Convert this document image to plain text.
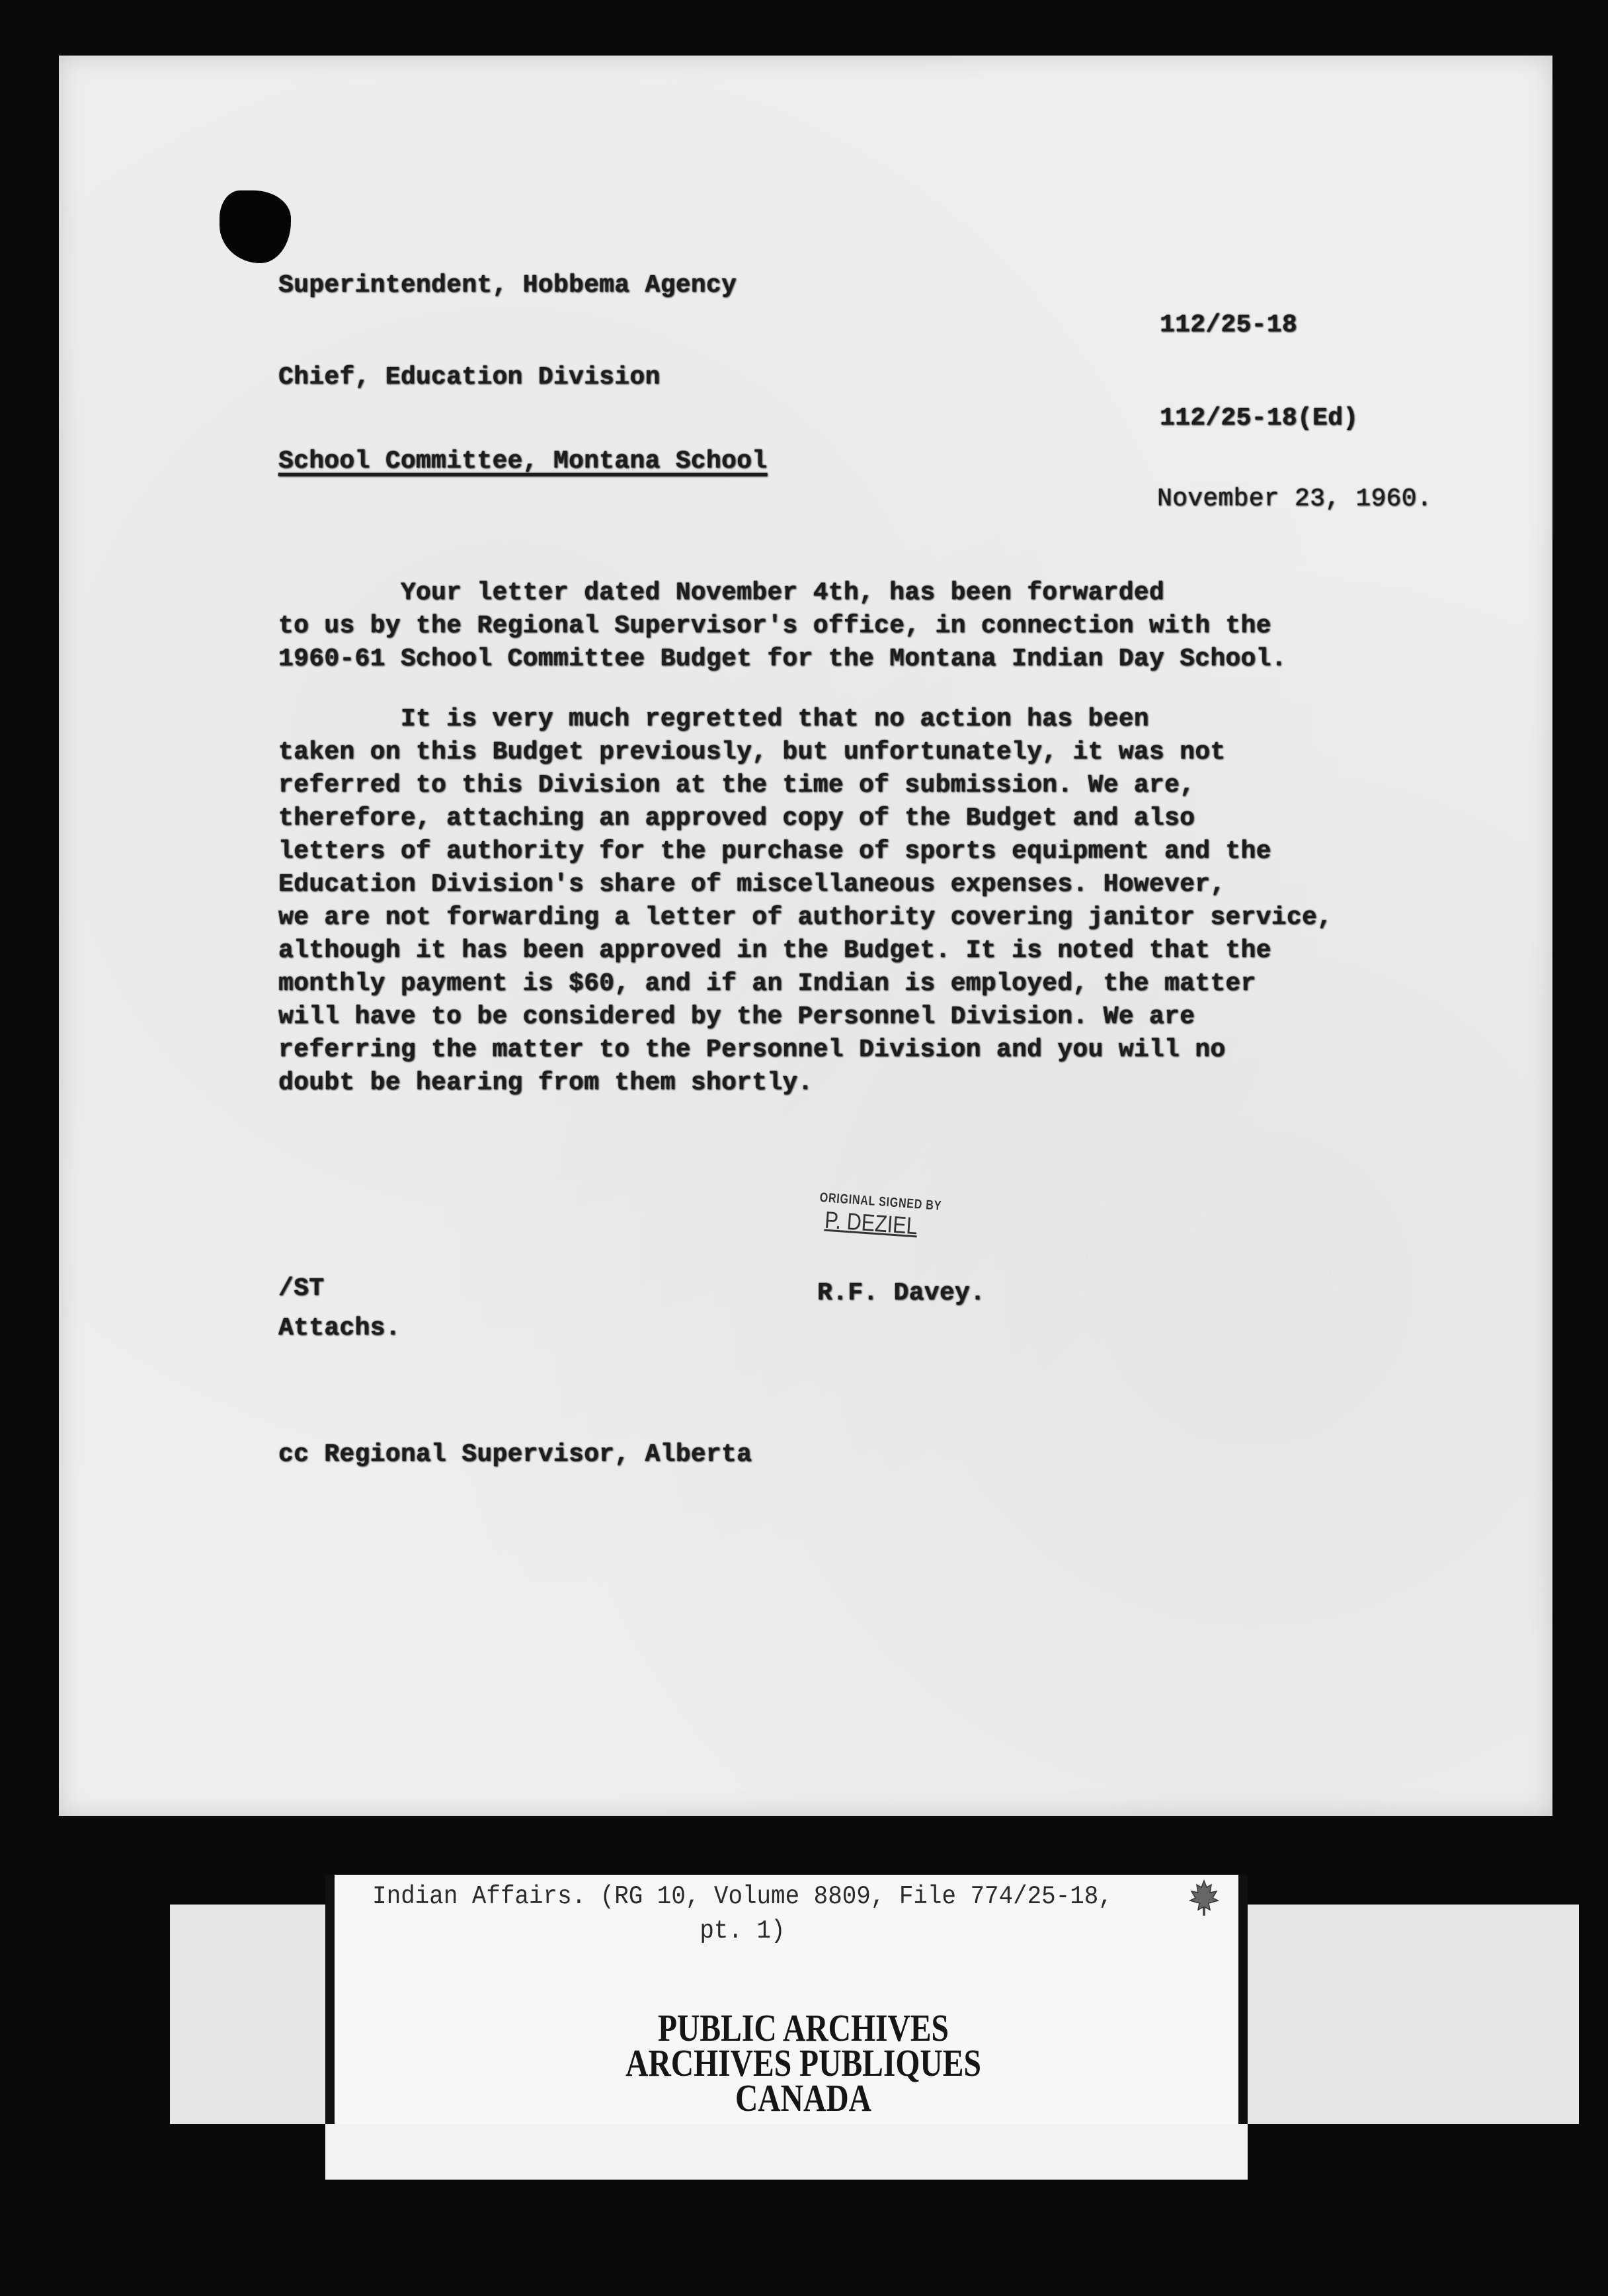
Superintendent, Hobbema Agency
112/25-18
Chief, Education Division
112/25-18(Ed)
School Committee, Montana School
November 23, 1960.
Your letter dated November 4th, has been forwarded
to us by the Regional Supervisor's office, in connection with the
1960-61 School Committee Budget for the Montana Indian Day School.
It is very much regretted that no action has been
taken on this Budget previously, but unfortunately, it was not
referred to this Division at the time of submission. We are,
therefore, attaching an approved copy of the Budget and also
letters of authority for the purchase of sports equipment and the
Education Division's share of miscellaneous expenses. However,
we are not forwarding a letter of authority covering janitor service,
although it has been approved in the Budget. It is noted that the
monthly payment is $60, and if an Indian is employed, the matter
will have to be considered by the Personnel Division. We are
referring the matter to the Personnel Division and you will no
doubt be hearing from them shortly.
ORIGINAL SIGNED BY
P. DEZIEL
/ST
Attachs.
R.F. Davey.
cc Regional Supervisor, Alberta
Indian Affairs. (RG 10, Volume 8809, File 774/25-18,
pt. 1)
PUBLIC ARCHIVES
ARCHIVES PUBLIQUES
CANADA
